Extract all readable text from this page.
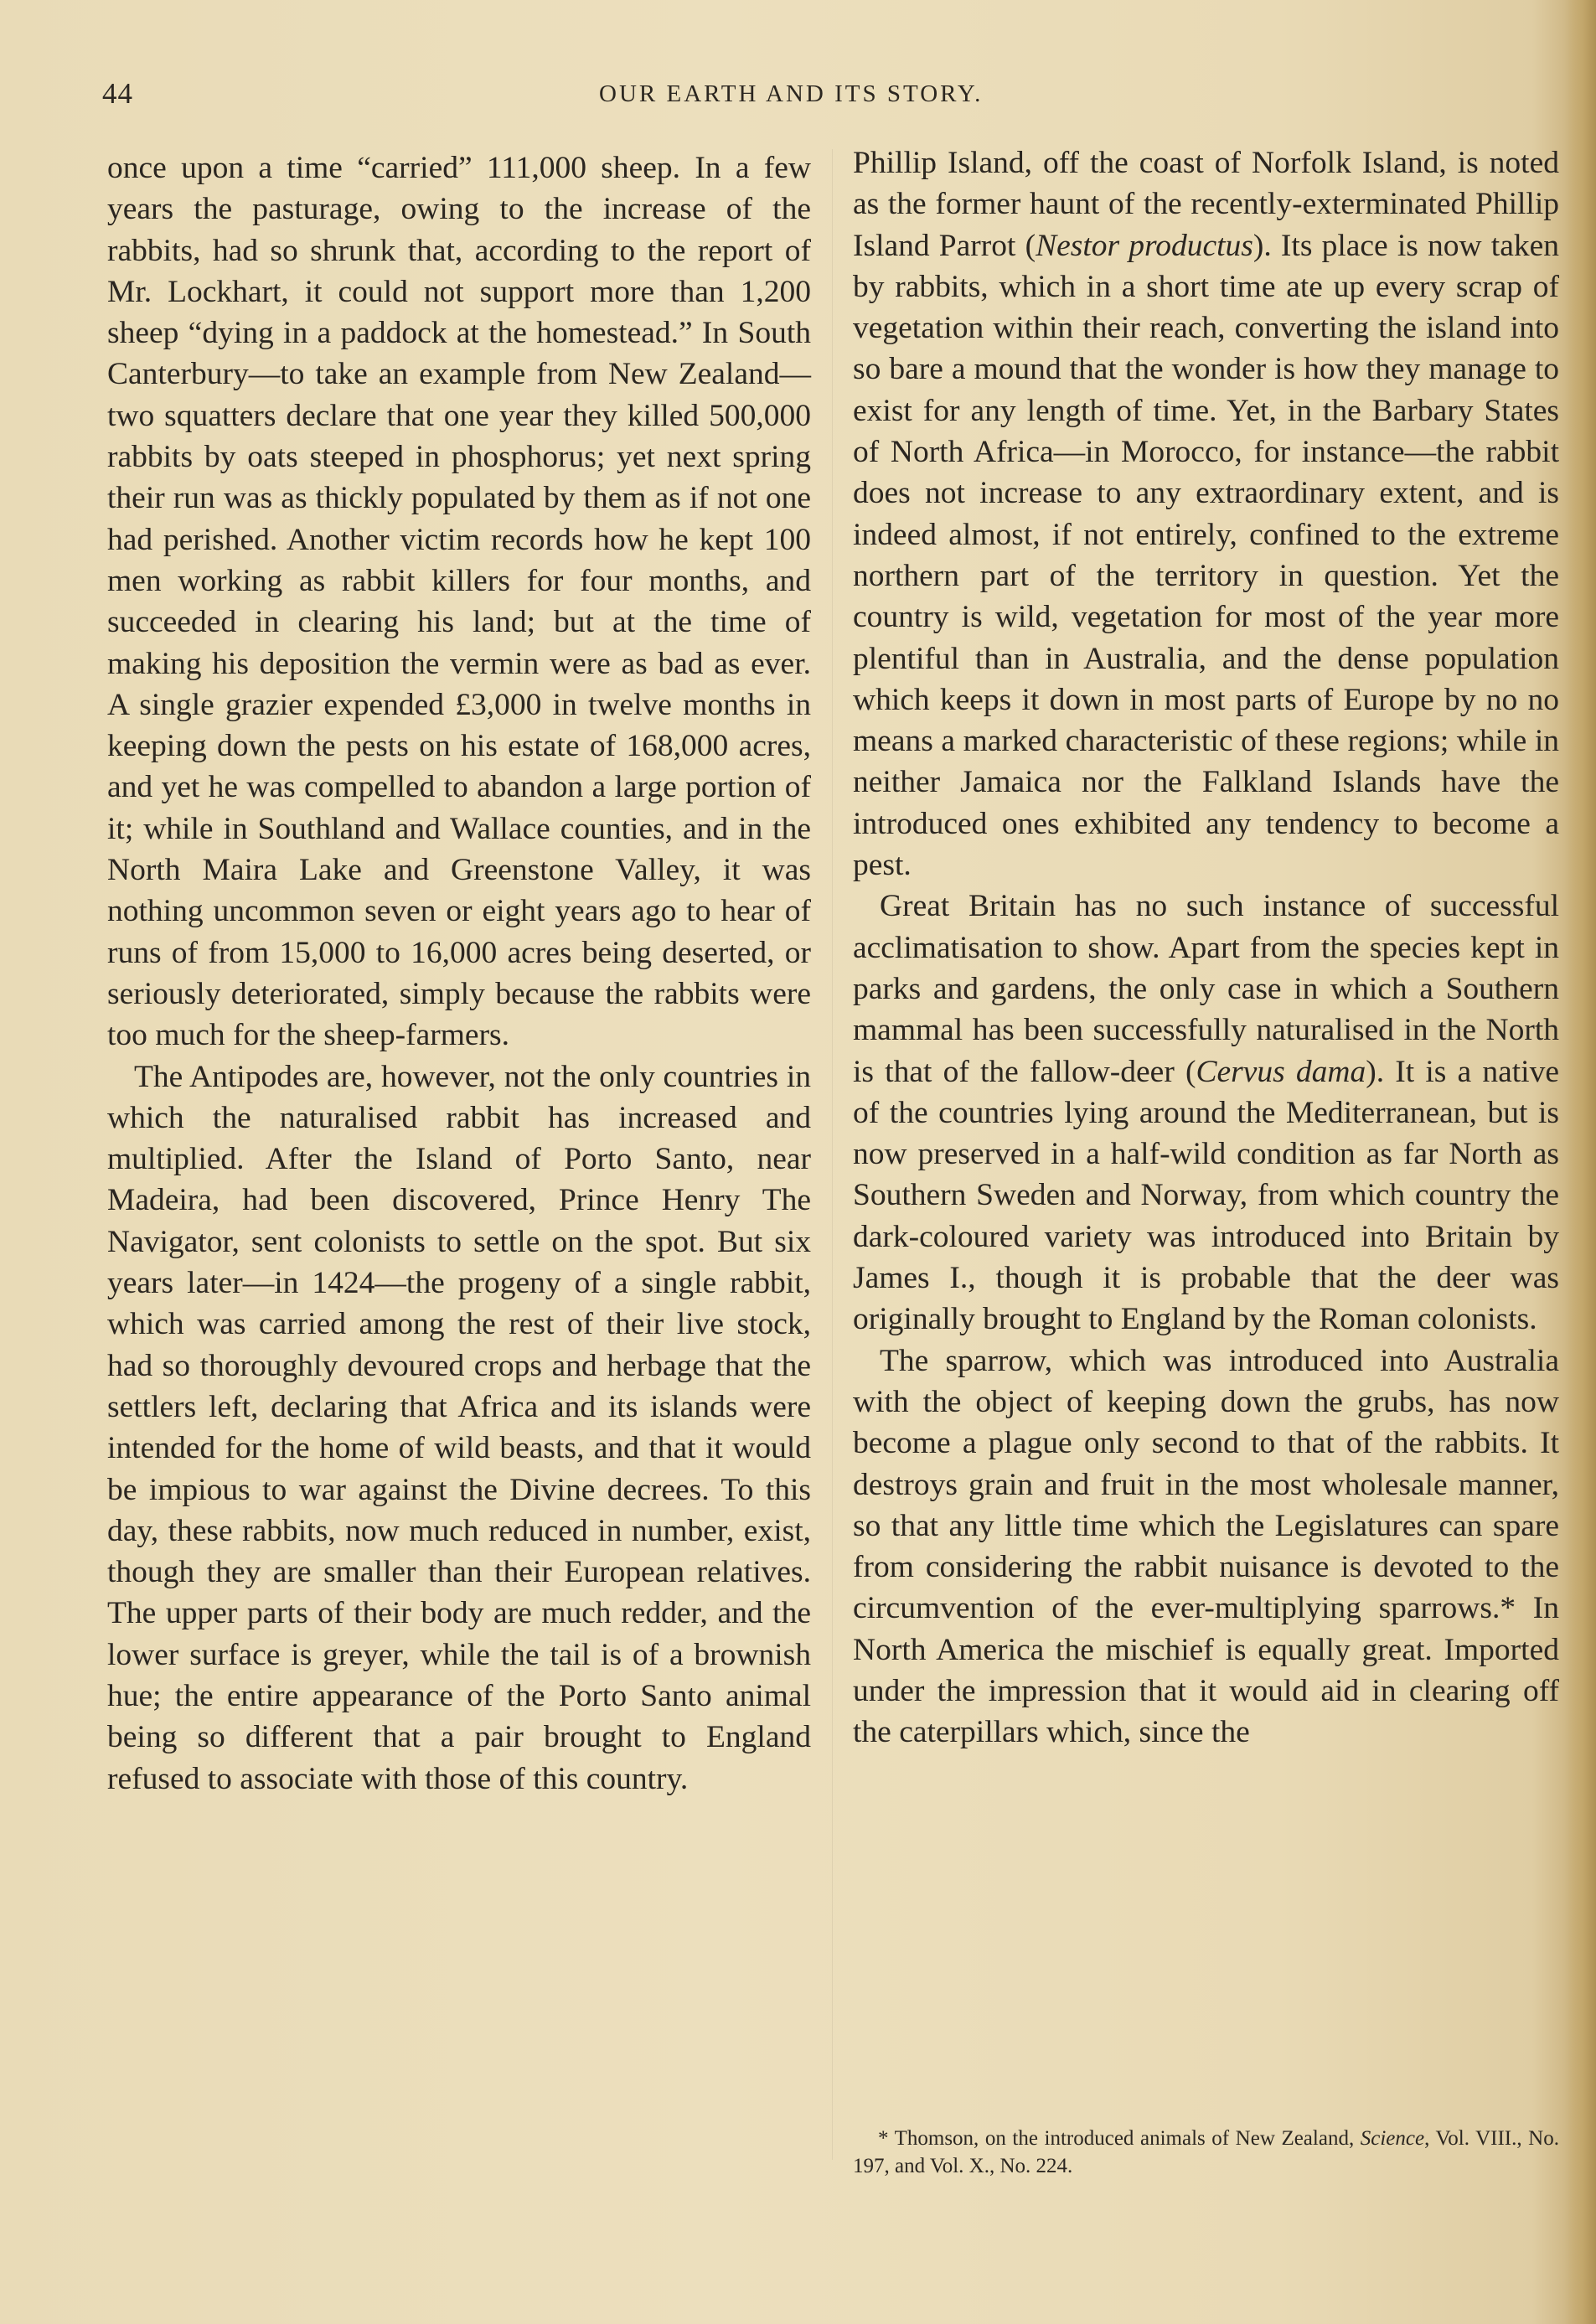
44	OUR EARTH AND ITS STORY.

once upon a time “carried” 111,000 sheep. In a few years the pasturage, owing to the increase of the rabbits, had so shrunk that, according to the report of Mr. Lockhart, it could not support more than 1,200 sheep “dying in a paddock at the homestead.” In South Canterbury—to take an example from New Zealand—two squatters declare that one year they killed 500,000 rabbits by oats steeped in phosphorus; yet next spring their run was as thickly populated by them as if not one had perished. Another victim records how he kept 100 men working as rabbit killers for four months, and succeeded in clearing his land; but at the time of making his deposition the vermin were as bad as ever. A single grazier expended £3,000 in twelve months in keeping down the pests on his estate of 168,000 acres, and yet he was compelled to abandon a large portion of it; while in Southland and Wallace counties, and in the North Maira Lake and Greenstone Valley, it was nothing uncommon seven or eight years ago to hear of runs of from 15,000 to 16,000 acres being deserted, or seriously deteriorated, simply because the rabbits were too much for the sheep-farmers.

The Antipodes are, however, not the only countries in which the naturalised rabbit has increased and multiplied. After the Island of Porto Santo, near Madeira, had been discovered, Prince Henry The Navigator, sent colonists to settle on the spot. But six years later—in 1424—the progeny of a single rabbit, which was carried among the rest of their live stock, had so thoroughly devoured crops and herbage that the settlers left, declaring that Africa and its islands were intended for the home of wild beasts, and that it would be impious to war against the Divine decrees. To this day, these rabbits, now much reduced in number, exist, though they are smaller than their European relatives. The upper parts of their body are much redder, and the lower surface is greyer, while the tail is of a brownish hue; the entire appearance of the Porto Santo animal being so different that a pair brought to England refused to associate with those of this country.

Phillip Island, off the coast of Norfolk Island, is noted as the former haunt of the recently-exterminated Phillip Island Parrot (Nestor productus). Its place is now taken by rabbits, which in a short time ate up every scrap of vegetation within their reach, converting the island into so bare a mound that the wonder is how they manage to exist for any length of time. Yet, in the Barbary States of North Africa—in Morocco, for instance—the rabbit does not increase to any extraordinary extent, and is indeed almost, if not entirely, confined to the extreme northern part of the territory in question. Yet the country is wild, vegetation for most of the year more plentiful than in Australia, and the dense population which keeps it down in most parts of Europe by no no means a marked characteristic of these regions; while in neither Jamaica nor the Falkland Islands have the introduced ones exhibited any tendency to become a pest.

Great Britain has no such instance of successful acclimatisation to show. Apart from the species kept in parks and gardens, the only case in which a Southern mammal has been successfully naturalised in the North is that of the fallow-deer (Cervus dama). It is a native of the countries lying around the Mediterranean, but is now preserved in a half-wild condition as far North as Southern Sweden and Norway, from which country the dark-coloured variety was introduced into Britain by James I., though it is probable that the deer was originally brought to England by the Roman colonists.

The sparrow, which was introduced into Australia with the object of keeping down the grubs, has now become a plague only second to that of the rabbits. It destroys grain and fruit in the most wholesale manner, so that any little time which the Legislatures can spare from considering the rabbit nuisance is devoted to the circumvention of the ever-multiplying sparrows.* In North America the mischief is equally great. Imported under the impression that it would aid in clearing off the caterpillars which, since the

* Thomson, on the introduced animals of New Zealand, Science, Vol. VIII., No. 197, and Vol. X., No. 224.
